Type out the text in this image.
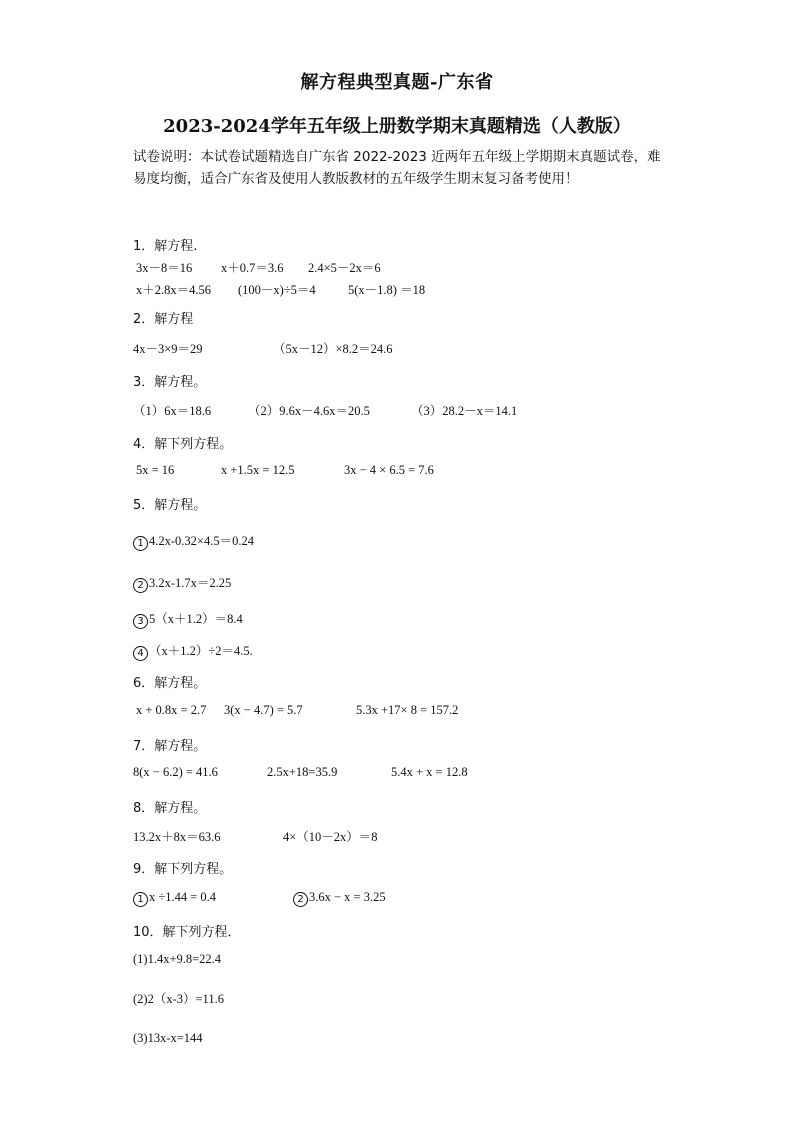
解方程典型真题-广东省
2023-2024学年五年级上册数学期末真题精选（人教版）
试卷说明：本试卷试题精选自广东省 2022-2023 近两年五年级上学期期末真题试卷，难易度均衡，适合广东省及使用人教版教材的五年级学生期末复习备考使用！
1．解方程.
3x－8＝16 x＋0.7＝3.6 2.4×5－2x＝6
x＋2.8x＝4.56 (100－x)÷5＝4	5(x－1.8) ＝18
2．解方程
4x－3×9＝29	（5x－12）×8.2＝24.6
3．解方程。
（1）6x＝18.6	（2）9.6x－4.6x＝20.5	（3）28.2－x＝14.1
4．解下列方程。
5x = 16	x +1.5x = 12.5	3x − 4 × 6.5 = 7.6
5．解方程。
1 4.2x-0.32×4.5＝0.24
2 3.2x-1.7x＝2.25
3 5（x＋1.2）＝8.4
4 （x＋1.2）÷2＝4.5.
6．解方程。
x + 0.8x = 2.7 3(x − 4.7) = 5.7	5.3x +17× 8 = 157.2
7．解方程。
8(x − 6.2) = 41.6	2.5x+18=35.9	5.4x + x = 12.8
8．解方程。
13.2x＋8x＝63.6	4×（10－2x）＝8
9．解下列方程。
1 x ÷1.44 = 0.4	2 3.6x − x = 3.25
10．解下列方程．
(1)1.4x+9.8=22.4
(2)2（x-3）=11.6
(3)13x-x=144
